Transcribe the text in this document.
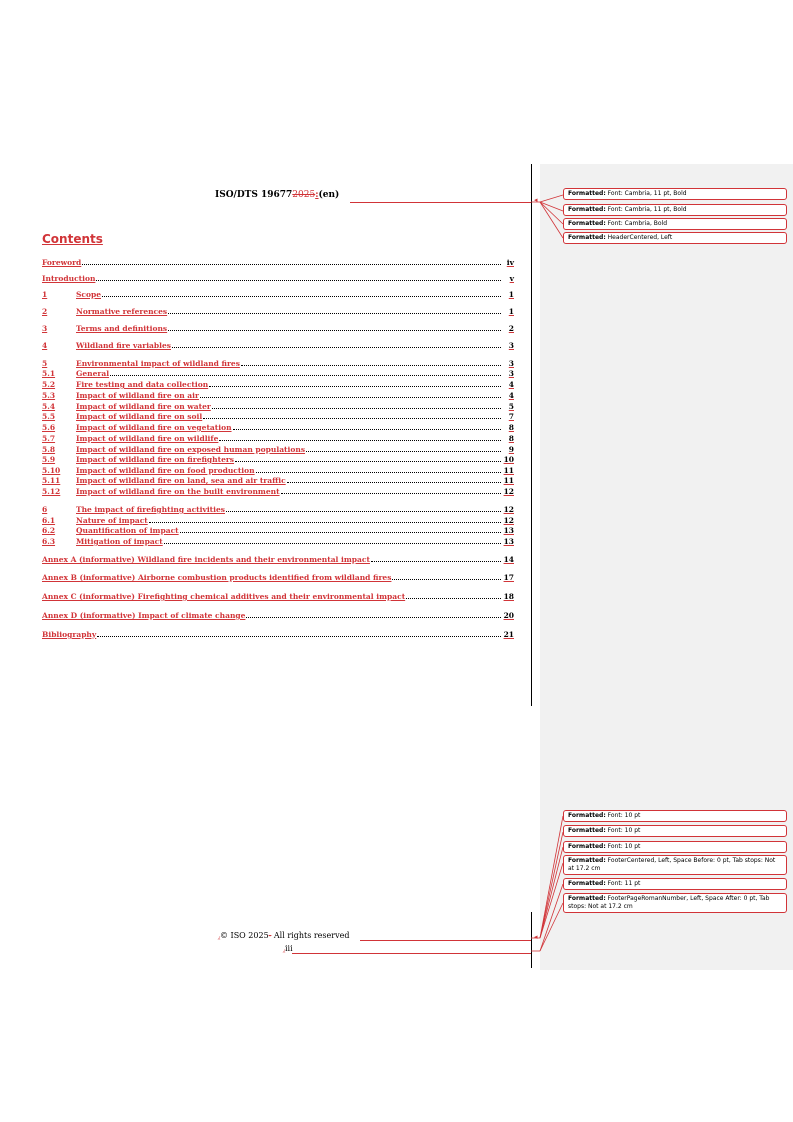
ISO/DTS 196772025:(en)	◂
◂
Contents
Foreword	iv
Introduction	v
1	Scope	1
2	Normative references	1
3	Terms and definitions	2
4	Wildland fire variables	3
5	Environmental impact of wildland fires	3
5.1	General	3
5.2	Fire testing and data collection	4
5.3	Impact of wildland fire on air	4
5.4	Impact of wildland fire on water	5
5.5	Impact of wildland fire on soil	7
5.6	Impact of wildland fire on vegetation	8
5.7	Impact of wildland fire on wildlife	8
5.8	Impact of wildland fire on exposed human populations	9
5.9	Impact of wildland fire on firefighters	10
5.10	Impact of wildland fire on food production	11
5.11	Impact of wildland fire on land, sea and air traffic	11
5.12	Impact of wildland fire on the built environment	12
6	The impact of firefighting activities	12
6.1	Nature of impact	12
6.2	Quantification of impact	13
6.3	Mitigation of impact	13
Annex A (informative) Wildland fire incidents and their environmental impact	14
Annex B (informative) Airborne combustion products identified from wildland fires	17
Annex C (informative) Firefighting chemical additives and their environmental impact	18
Annex D (informative) Impact of climate change	20
Bibliography	21
Formatted: Font: Cambria, 11 pt, Bold
Formatted: Font: Cambria, 11 pt, Bold
Formatted: Font: Cambria, Bold
Formatted: HeaderCentered, Left
Formatted: Font: 10 pt
Formatted: Font: 10 pt
Formatted: Font: 10 pt
Formatted: FooterCentered, Left, Space Before: 0 pt, Tab stops: Not at 17.2 cm
Formatted: Font: 11 pt
Formatted: FooterPageRomanNumber, Left, Space After: 0 pt, Tab stops: Not at 17.2 cm
⁁© ISO 2025- All rights reserved
⁁iii
